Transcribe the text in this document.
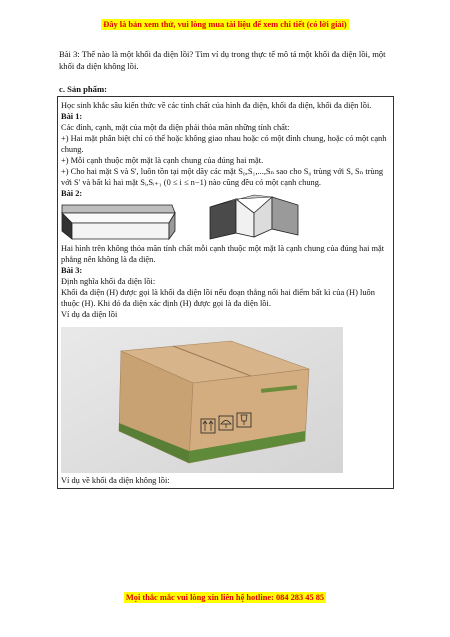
Đây là bản xem thử, vui lòng mua tài liệu để xem chi tiết (có lời giải)
Bài 3: Thế nào là một khối đa diện lồi? Tìm ví dụ trong thực tế mô tả một khối đa diện lồi, một khối đa diện không lồi.
c. Sản phẩm:
Học sinh khắc sâu kiến thức về các tính chất của hình đa diện, khối đa diện, khối đa diện lồi.
Bài 1:
Các đỉnh, cạnh, mặt của một đa diện phải thỏa mãn những tính chất:
+) Hai mặt phân biệt chỉ có thể hoặc không giao nhau hoặc có một đỉnh chung, hoặc có một cạnh chung.
+) Mỗi cạnh thuộc một mặt là cạnh chung của đúng hai mặt.
+) Cho hai mặt S và S', luôn tồn tại một dãy các mặt S₀,S₁,...,Sₙ sao cho S₀ trùng với S, Sₙ trùng
với S' và bất kì hai mặt Sᵢ,Sᵢ₊₁ (0 ≤ i ≤ n−1) nào cũng đều có một cạnh chung.
Bài 2:
Hai hình trên không thỏa mãn tính chất mỗi cạnh thuộc một mặt là cạnh chung của đúng hai mặt phẳng nên không là đa diện.
Bài 3:
Định nghĩa khối đa diện lồi:
Khối đa diện (H) được gọi là khối đa diện lồi nếu đoạn thẳng nối hai điểm bất kì của (H) luôn thuộc (H). Khi đó đa diện xác định (H) được gọi là đa diện lồi.
Ví dụ đa diện lồi
Ví dụ về khối đa diện không lồi:
Mọi thắc mắc vui lòng xin liên hệ hotline: 084 283 45 85
